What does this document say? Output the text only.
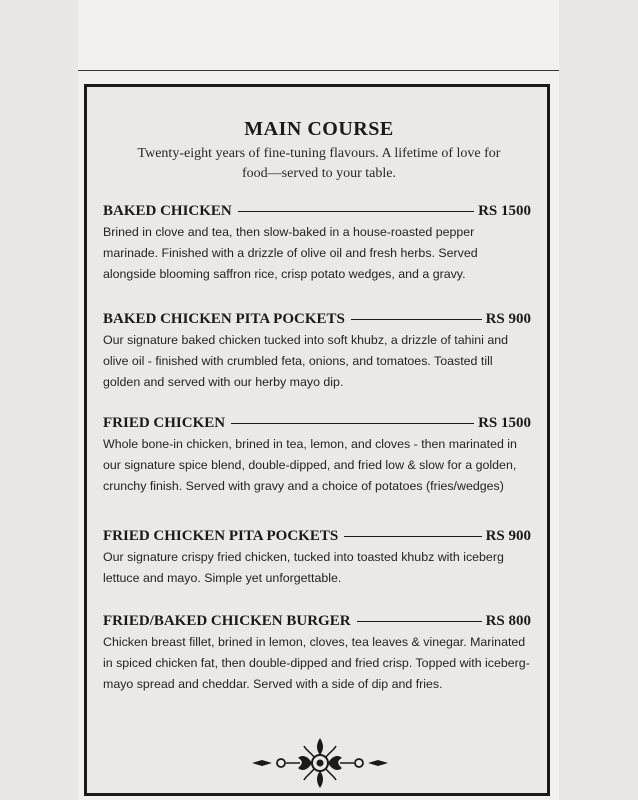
MAIN COURSE
Twenty-eight years of fine-tuning flavours. A lifetime of love for food—served to your table.
BAKED CHICKEN	RS 1500
Brined in clove and tea, then slow-baked in a house-roasted pepper marinade. Finished with a drizzle of olive oil and fresh herbs. Served alongside blooming saffron rice, crisp potato wedges, and a gravy.
BAKED CHICKEN PITA POCKETS	RS 900
Our signature baked chicken tucked into soft khubz, a drizzle of tahini and olive oil - finished with crumbled feta, onions, and tomatoes. Toasted till golden and served with our herby mayo dip.
FRIED CHICKEN	RS 1500
Whole bone-in chicken, brined in tea, lemon, and cloves - then marinated in our signature spice blend, double-dipped, and fried low & slow for a golden, crunchy finish. Served with gravy and a choice of potatoes (fries/wedges)
FRIED CHICKEN PITA POCKETS	RS 900
Our signature crispy fried chicken, tucked into toasted khubz with iceberg lettuce and mayo. Simple yet unforgettable.
FRIED/BAKED CHICKEN BURGER	RS 800
Chicken breast fillet, brined in lemon, cloves, tea leaves & vinegar. Marinated in spiced chicken fat, then double-dipped and fried crisp. Topped with iceberg-mayo spread and cheddar. Served with a side of dip and fries.
